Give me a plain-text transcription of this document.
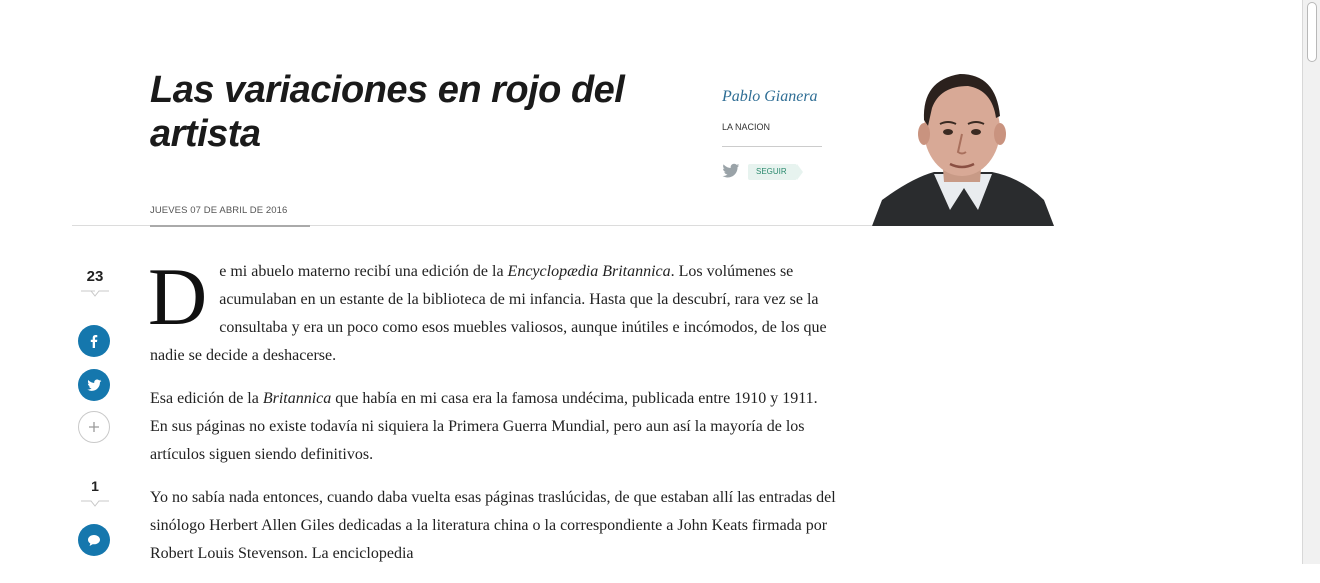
Las variaciones en rojo del artista
JUEVES 07 DE ABRIL DE 2016
Pablo Gianera
LA NACION
SEGUIR
23
1

De mi abuelo materno recibí una edición de la Encyclopædia Britannica. Los volúmenes se acumulaban en un estante de la biblioteca de mi infancia. Hasta que la descubrí, rara vez se la consultaba y era un poco como esos muebles valiosos, aunque inútiles e incómodos, de los que nadie se decide a deshacerse.

Esa edición de la Britannica que había en mi casa era la famosa undécima, publicada entre 1910 y 1911. En sus páginas no existe todavía ni siquiera la Primera Guerra Mundial, pero aun así la mayoría de los artículos siguen siendo definitivos.

Yo no sabía nada entonces, cuando daba vuelta esas páginas traslúcidas, de que estaban allí las entradas del sinólogo Herbert Allen Giles dedicadas a la literatura china o la correspondiente a John Keats firmada por Robert Louis Stevenson. La enciclopedia
